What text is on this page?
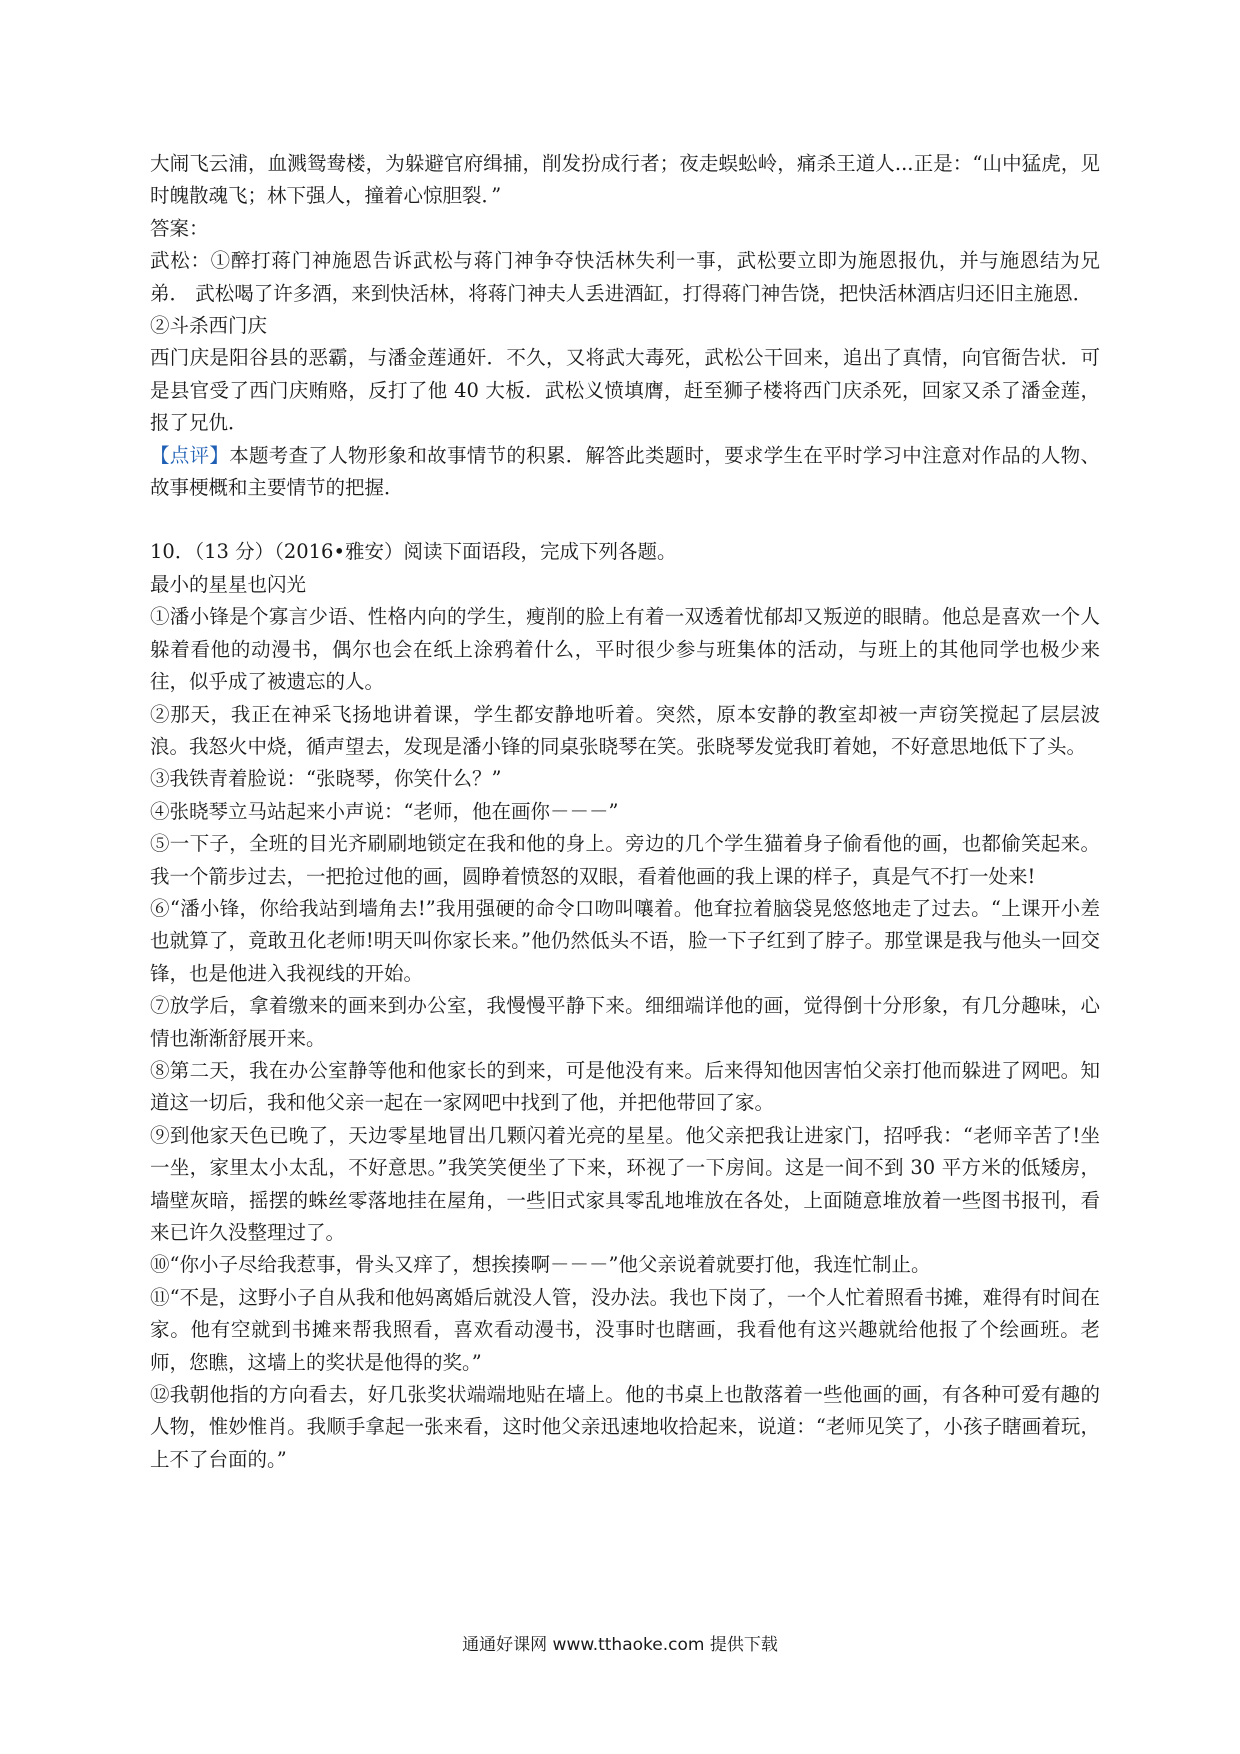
大闹飞云浦，血溅鸳鸯楼，为躲避官府缉捕，削发扮成行者；夜走蜈蚣岭，痛杀王道人...正是：“山中猛虎，见时魄散魂飞；林下强人，撞着心惊胆裂．”

答案：

武松：①醉打蒋门神施恩告诉武松与蒋门神争夺快活林失利一事，武松要立即为施恩报仇，并与施恩结为兄弟． 武松喝了许多酒，来到快活林，将蒋门神夫人丢进酒缸，打得蒋门神告饶，把快活林酒店归还旧主施恩．

②斗杀西门庆

西门庆是阳谷县的恶霸，与潘金莲通奸．不久，又将武大毒死，武松公干回来，追出了真情，向官衙告状．可是县官受了西门庆贿赂，反打了他 40 大板．武松义愤填膺，赶至狮子楼将西门庆杀死，回家又杀了潘金莲，报了兄仇．

【点评】本题考查了人物形象和故事情节的积累．解答此类题时，要求学生在平时学习中注意对作品的人物、故事梗概和主要情节的把握．

10．（13 分）（2016•雅安）阅读下面语段，完成下列各题。

最小的星星也闪光

①潘小锋是个寡言少语、性格内向的学生，瘦削的脸上有着一双透着忧郁却又叛逆的眼睛。他总是喜欢一个人躲着看他的动漫书，偶尔也会在纸上涂鸦着什么，平时很少参与班集体的活动，与班上的其他同学也极少来往，似乎成了被遗忘的人。

②那天，我正在神采飞扬地讲着课，学生都安静地听着。突然，原本安静的教室却被一声窃笑搅起了层层波浪。我怒火中烧，循声望去，发现是潘小锋的同桌张晓琴在笑。张晓琴发觉我盯着她，不好意思地低下了头。

③我铁青着脸说：“张晓琴，你笑什么？”

④张晓琴立马站起来小声说：“老师，他在画你－－－”

⑤一下子，全班的目光齐刷刷地锁定在我和他的身上。旁边的几个学生猫着身子偷看他的画，也都偷笑起来。我一个箭步过去，一把抢过他的画，圆睁着愤怒的双眼，看着他画的我上课的样子，真是气不打一处来!

⑥“潘小锋，你给我站到墙角去!”我用强硬的命令口吻叫嚷着。他耷拉着脑袋晃悠悠地走了过去。“上课开小差也就算了，竟敢丑化老师!明天叫你家长来。”他仍然低头不语，脸一下子红到了脖子。那堂课是我与他头一回交锋，也是他进入我视线的开始。

⑦放学后，拿着缴来的画来到办公室，我慢慢平静下来。细细端详他的画，觉得倒十分形象，有几分趣味，心情也渐渐舒展开来。

⑧第二天，我在办公室静等他和他家长的到来，可是他没有来。后来得知他因害怕父亲打他而躲进了网吧。知道这一切后，我和他父亲一起在一家网吧中找到了他，并把他带回了家。

⑨到他家天色已晚了，天边零星地冒出几颗闪着光亮的星星。他父亲把我让进家门，招呼我：“老师辛苦了!坐一坐，家里太小太乱，不好意思。”我笑笑便坐了下来，环视了一下房间。这是一间不到 30 平方米的低矮房，墙壁灰暗，摇摆的蛛丝零落地挂在屋角，一些旧式家具零乱地堆放在各处，上面随意堆放着一些图书报刊，看来已许久没整理过了。

⑩“你小子尽给我惹事，骨头又痒了，想挨揍啊－－－”他父亲说着就要打他，我连忙制止。

⑪“不是，这野小子自从我和他妈离婚后就没人管，没办法。我也下岗了，一个人忙着照看书摊，难得有时间在家。他有空就到书摊来帮我照看，喜欢看动漫书，没事时也瞎画，我看他有这兴趣就给他报了个绘画班。老师，您瞧，这墙上的奖状是他得的奖。”

⑫我朝他指的方向看去，好几张奖状端端地贴在墙上。他的书桌上也散落着一些他画的画，有各种可爱有趣的人物，惟妙惟肖。我顺手拿起一张来看，这时他父亲迅速地收拾起来，说道：“老师见笑了，小孩子瞎画着玩，上不了台面的。”

通通好课网 www.tthaoke.com 提供下载
